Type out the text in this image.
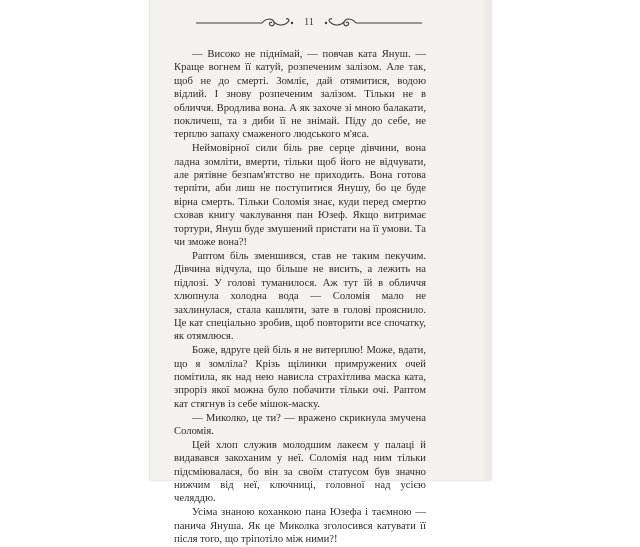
11

— Високо не піднімай, — повчав ката Януш. — Краще вогнем її катуй, розпеченим залізом. Але так, щоб не до смерті. Зомліє, дай отямитися, водою відлий. І знову розпеченим залізом. Тільки не в обличчя. Вродлива вона. А як захоче зі мною балакати, покличеш, та з диби її не знімай. Піду до себе, не терплю запаху смаженого людського м'яса.

Неймовірної сили біль рве серце дівчини, вона ладна зомліти, вмерти, тільки щоб його не відчувати, але рятівне безпам'ятство не приходить. Вона готова терпіти, аби лиш не поступитися Янушу, бо це буде вірна смерть. Тільки Соломія знає, куди перед смертю сховав книгу чаклування пан Юзеф. Якщо витримає тортури, Януш буде змушений пристати на її умови. Та чи зможе вона?!

Раптом біль зменшився, став не таким пекучим. Дівчина відчула, що більше не висить, а лежить на підлозі. У голові туманилося. Аж тут їй в обличчя хлюпнула холодна вода — Соломія мало не захлинулася, стала кашляти, зате в голові прояснило. Це кат спеціально зробив, щоб повторити все спочатку, як отямлюся.

Боже, вдруге цей біль я не витерплю! Може, вдати, що я зомліла? Крізь щілинки примружених очей помітила, як над нею нависла страхітлива маска ката, зпроріз якої можна було побачити тільки очі. Раптом кат стягнув із себе мішок-маску.

— Миколко, це ти? — вражено скрикнула змучена Соломія.

Цей хлоп служив молодшим лакеєм у палаці й видавався закоханим у неї. Соломія над ним тільки підсміювалася, бо він за своїм статусом був значно нижчим від неї, ключниці, головної над усією челяддю.

Усіма знаною коханкою пана Юзефа і таємною — панича Януша. Як це Миколка зголосився катувати її після того, що тріпотіло між ними?!
